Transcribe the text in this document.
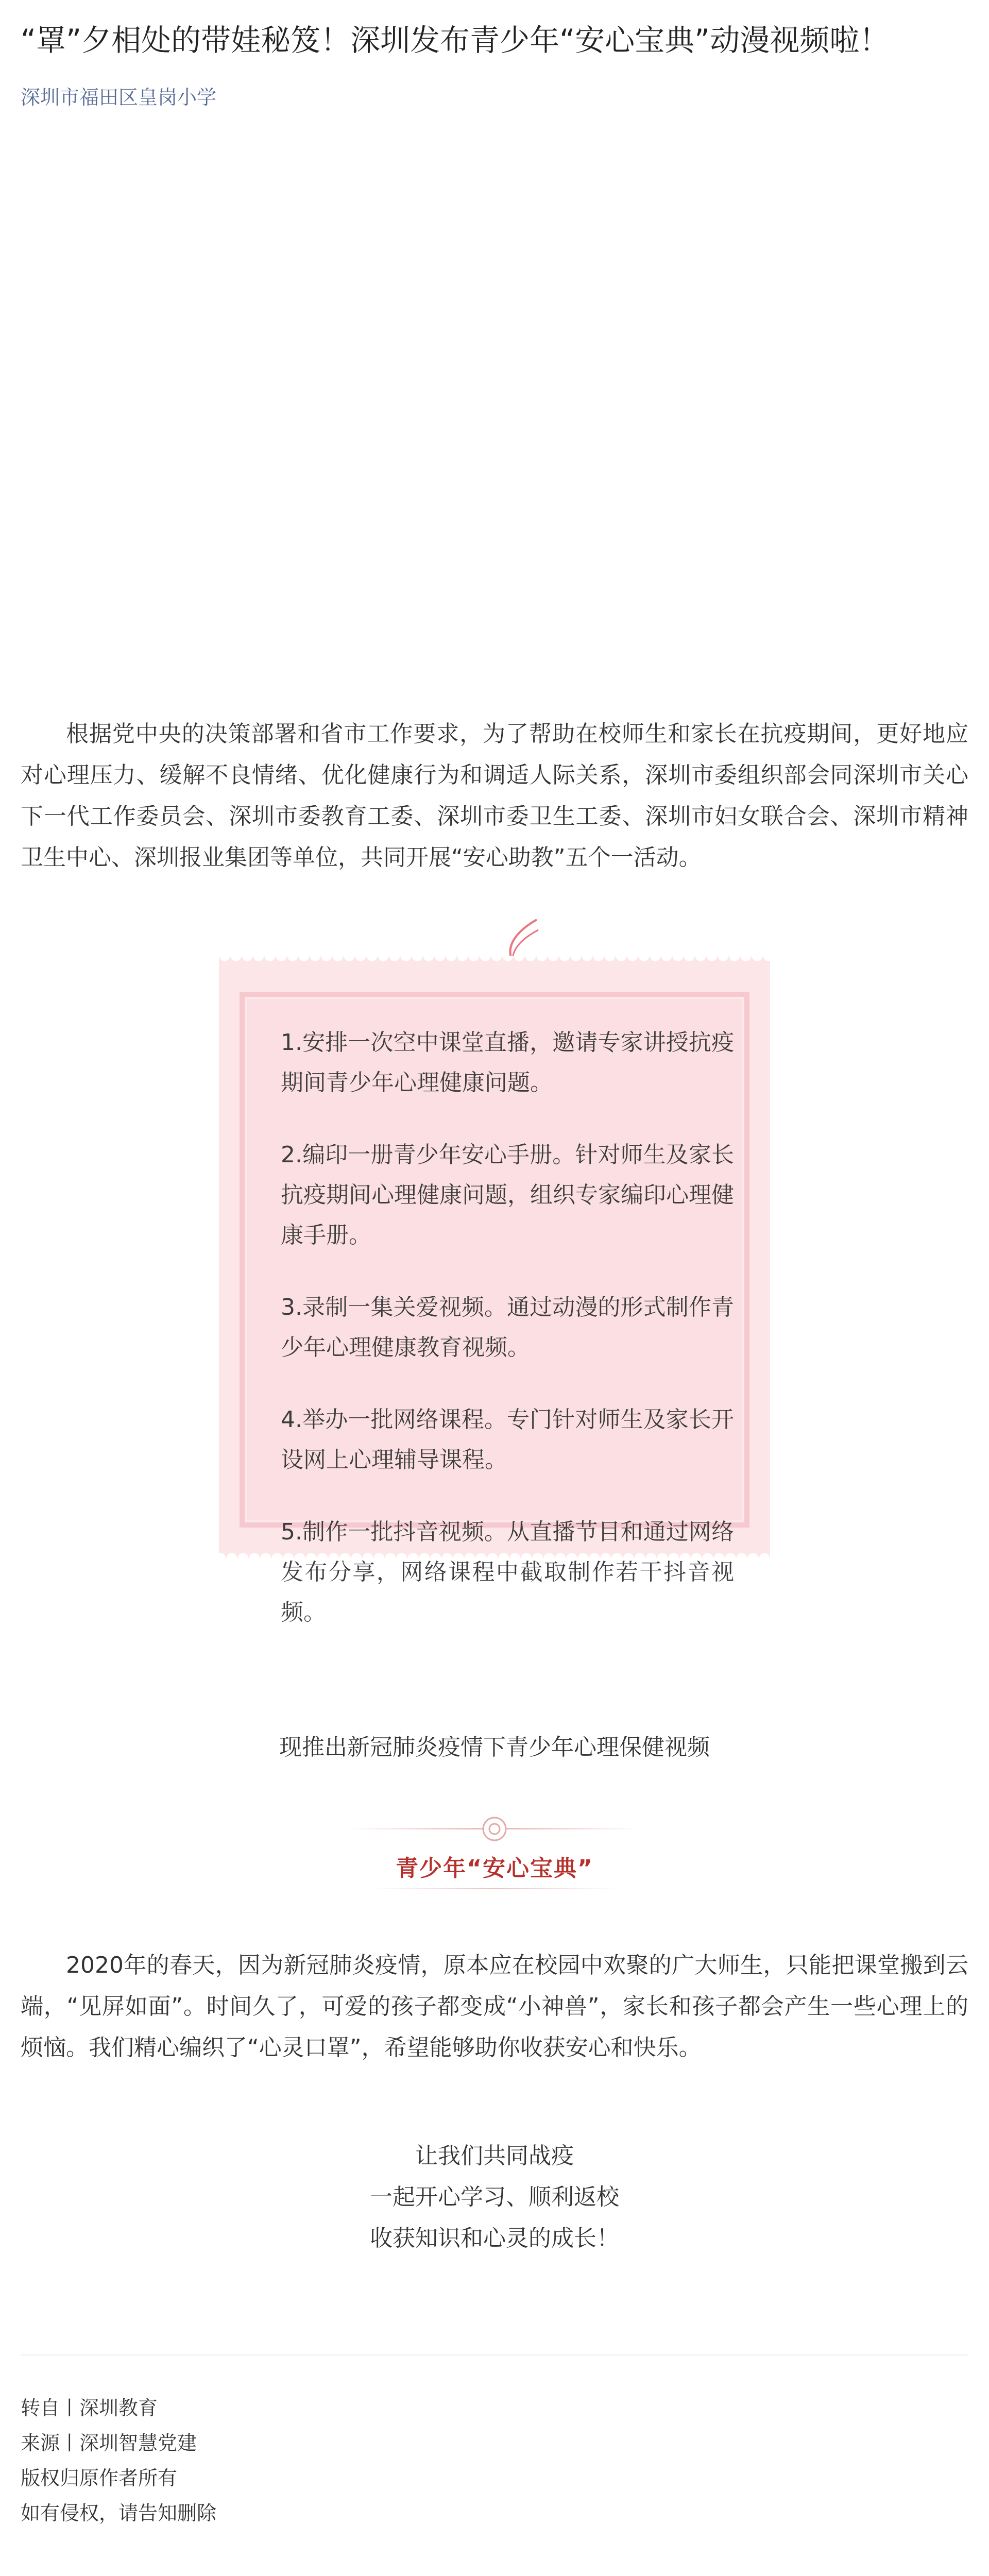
“罩”夕相处的带娃秘笈！深圳发布青少年“安心宝典”动漫视频啦！
深圳市福田区皇岗小学

根据党中央的决策部署和省市工作要求，为了帮助在校师生和家长在抗疫期间，更好地应对心理压力、缓解不良情绪、优化健康行为和调适人际关系，深圳市委组织部会同深圳市关心下一代工作委员会、深圳市委教育工委、深圳市委卫生工委、深圳市妇女联合会、深圳市精神卫生中心、深圳报业集团等单位，共同开展“安心助教”五个一活动。

1.安排一次空中课堂直播，邀请专家讲授抗疫期间青少年心理健康问题。

2.编印一册青少年安心手册。针对师生及家长抗疫期间心理健康问题，组织专家编印心理健康手册。

3.录制一集关爱视频。通过动漫的形式制作青少年心理健康教育视频。

4.举办一批网络课程。专门针对师生及家长开设网上心理辅导课程。

5.制作一批抖音视频。从直播节目和通过网络发布分享，网络课程中截取制作若干抖音视频。

现推出新冠肺炎疫情下青少年心理保健视频

青少年“安心宝典”

2020年的春天，因为新冠肺炎疫情，原本应在校园中欢聚的广大师生，只能把课堂搬到云端，“见屏如面”。时间久了，可爱的孩子都变成“小神兽”，家长和孩子都会产生一些心理上的烦恼。我们精心编织了“心灵口罩”，希望能够助你收获安心和快乐。

让我们共同战疫

一起开心学习、顺利返校

收获知识和心灵的成长！

转自丨深圳教育

来源丨深圳智慧党建

版权归原作者所有

如有侵权，请告知删除
